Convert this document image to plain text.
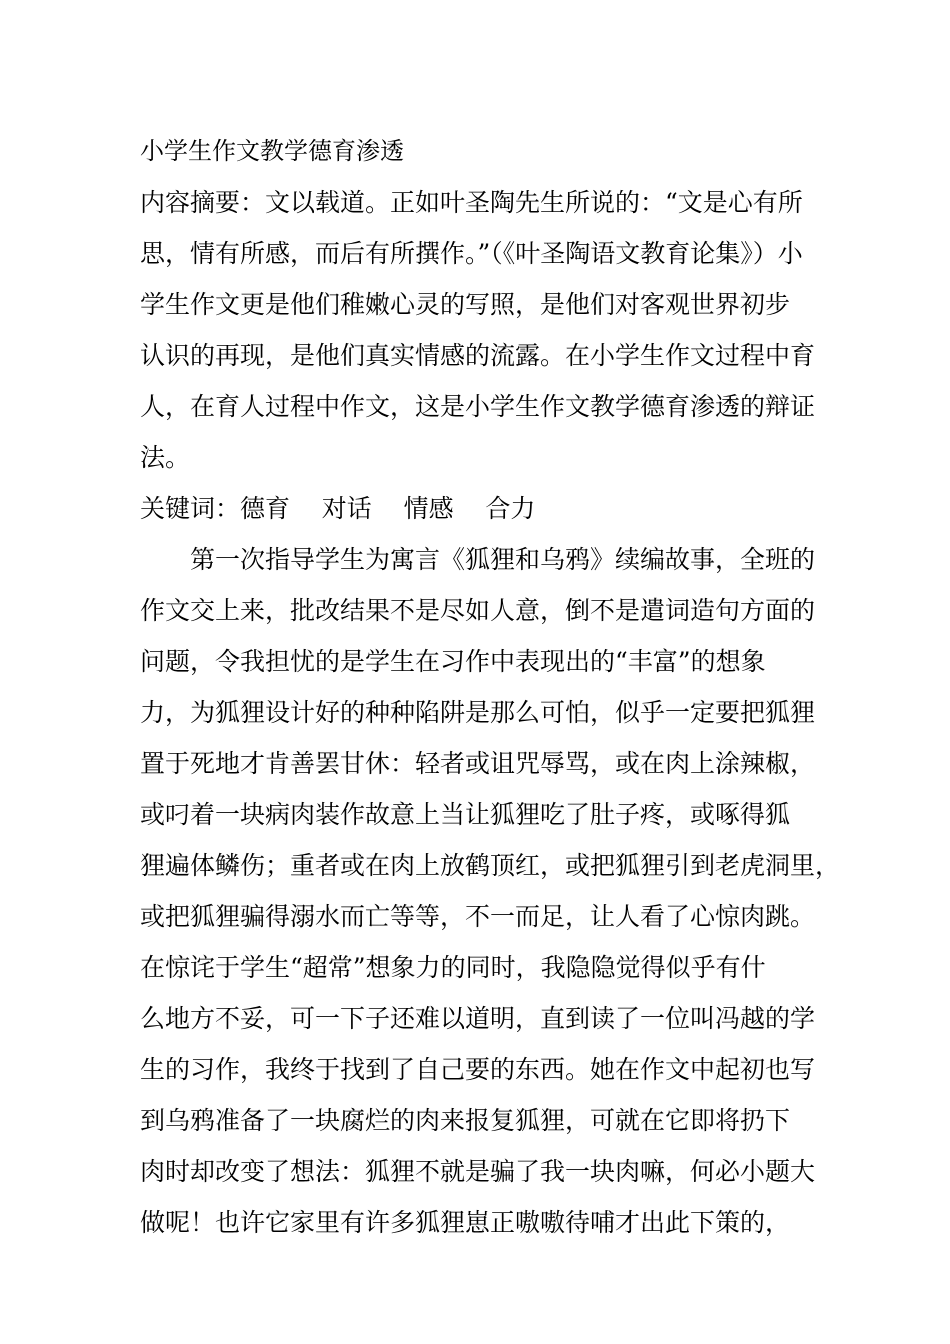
小学生作文教学德育渗透
内容摘要：文以载道。正如叶圣陶先生所说的：“文是心有所
思，情有所感，而后有所撰作。”（《叶圣陶语文教育论集》）小
学生作文更是他们稚嫩心灵的写照，是他们对客观世界初步
认识的再现，是他们真实情感的流露。在小学生作文过程中育
人，在育人过程中作文，这是小学生作文教学德育渗透的辩证
法。
关键词：德育    对话    情感    合力
第一次指导学生为寓言《狐狸和乌鸦》续编故事，全班的
作文交上来，批改结果不是尽如人意，倒不是遣词造句方面的
问题，令我担忧的是学生在习作中表现出的“丰富”的想象
力，为狐狸设计好的种种陷阱是那么可怕，似乎一定要把狐狸
置于死地才肯善罢甘休：轻者或诅咒辱骂，或在肉上涂辣椒，
或叼着一块病肉装作故意上当让狐狸吃了肚子疼，或啄得狐
狸遍体鳞伤；重者或在肉上放鹤顶红，或把狐狸引到老虎洞里，
或把狐狸骗得溺水而亡等等，不一而足，让人看了心惊肉跳。
在惊诧于学生“超常”想象力的同时，我隐隐觉得似乎有什
么地方不妥，可一下子还难以道明，直到读了一位叫冯越的学
生的习作，我终于找到了自己要的东西。她在作文中起初也写
到乌鸦准备了一块腐烂的肉来报复狐狸，可就在它即将扔下
肉时却改变了想法：狐狸不就是骗了我一块肉嘛，何必小题大
做呢！也许它家里有许多狐狸崽正嗷嗷待哺才出此下策的，
